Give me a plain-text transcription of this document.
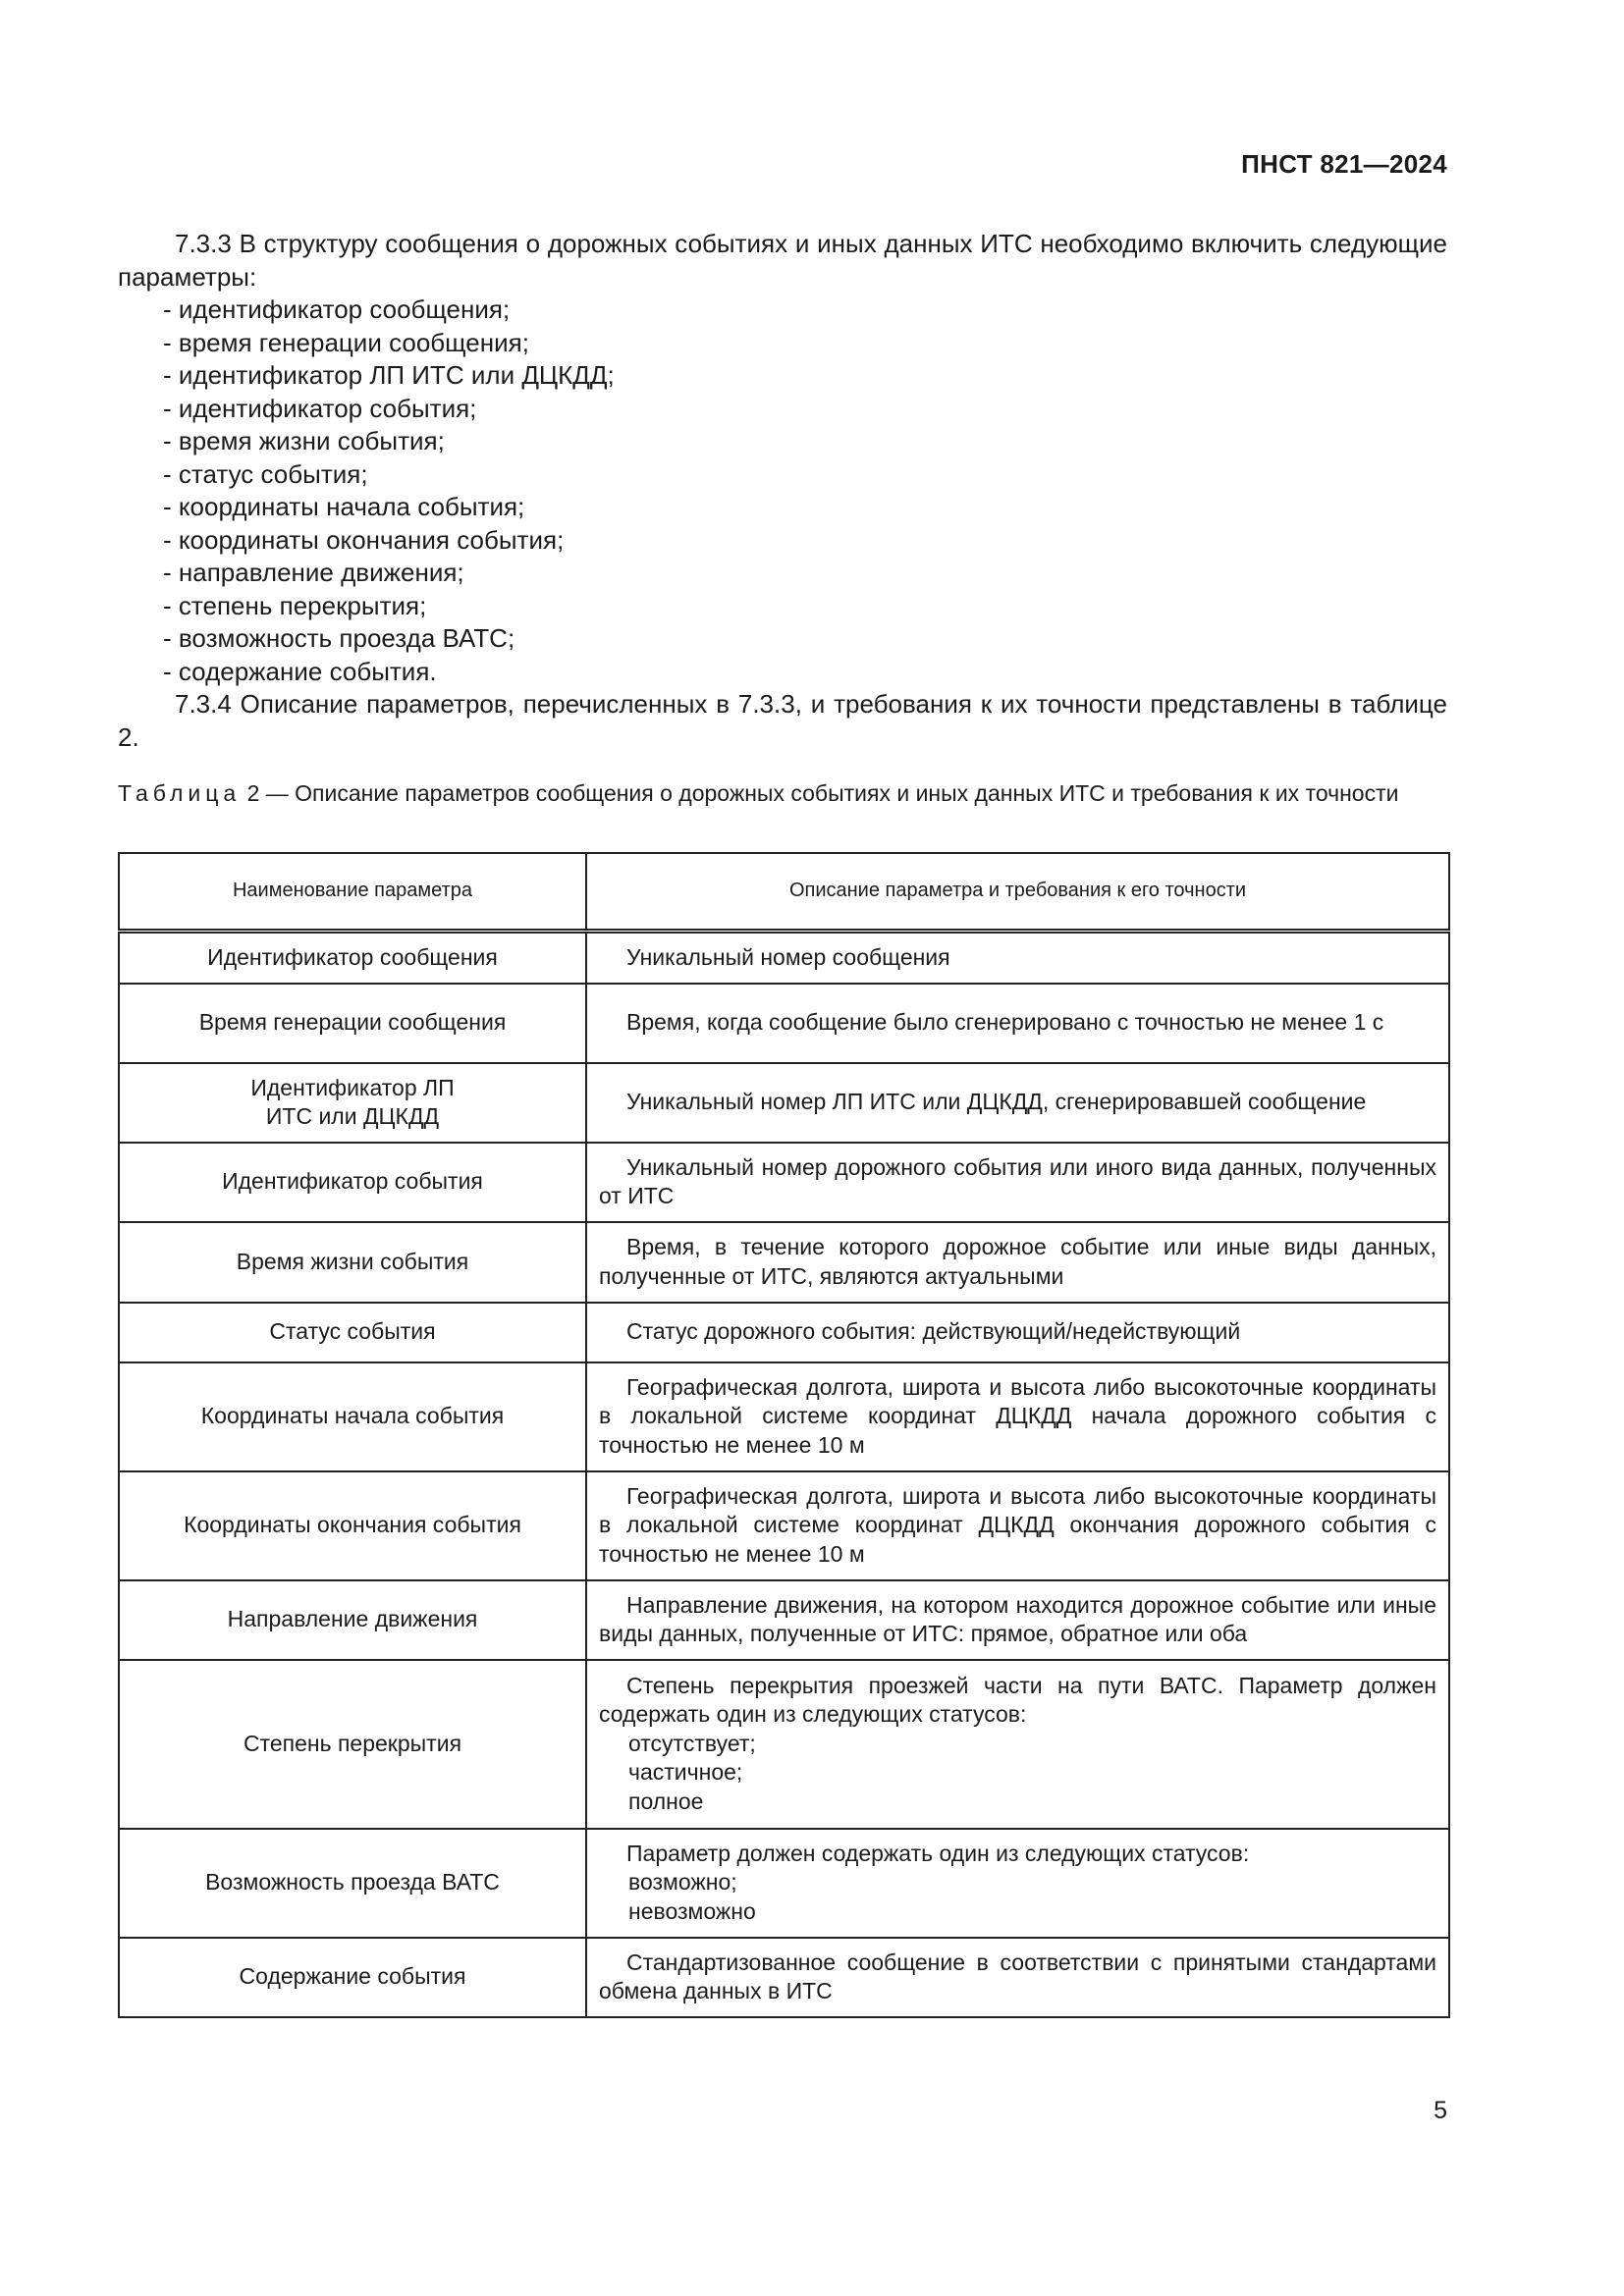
ПНСТ 821—2024

7.3.3 В структуру сообщения о дорожных событиях и иных данных ИТС необходимо включить следующие параметры:

- идентификатор сообщения;
- время генерации сообщения;
- идентификатор ЛП ИТС или ДЦКДД;
- идентификатор события;
- время жизни события;
- статус события;
- координаты начала события;
- координаты окончания события;
- направление движения;
- степень перекрытия;
- возможность проезда ВАТС;
- содержание события.

7.3.4 Описание параметров, перечисленных в 7.3.3, и требования к их точности представлены в таблице 2.

Таблица 2 — Описание параметров сообщения о дорожных событиях и иных данных ИТС и требования к их точности
Наименование параметра	Описание параметра и требования к его точности
Идентификатор сообщения	Уникальный номер сообщения

Время генерации сообщения	Время, когда сообщение было сгенерировано с точностью не менее 1 с

Идентификатор ЛП ИТС или ДЦКДД	Уникальный номер ЛП ИТС или ДЦКДД, сгенерировавшей сообщение

Идентификатор события	Уникальный номер дорожного события или иного вида данных, полученных от ИТС

Время жизни события	Время, в течение которого дорожное событие или иные виды данных, полученные от ИТС, являются актуальными

Статус события	Статус дорожного события: действующий/недействующий

Координаты начала события	Географическая долгота, широта и высота либо высокоточные координаты в локальной системе координат ДЦКДД начала дорожного события с точностью не менее 10 м

Координаты окончания события	Географическая долгота, широта и высота либо высокоточные координаты в локальной системе координат ДЦКДД окончания дорожного события с точностью не менее 10 м

Направление движения	Направление движения, на котором находится дорожное событие или иные виды данных, полученные от ИТС: прямое, обратное или оба

Степень перекрытия	Степень перекрытия проезжей части на пути ВАТС. Параметр должен содержать один из следующих статусов:
отсутствует;
частичное;
полное

Возможность проезда ВАТС	Параметр должен содержать один из следующих статусов:
возможно;
невозможно

Содержание события	Стандартизованное сообщение в соответствии с принятыми стандартами обмена данных в ИТС
5
